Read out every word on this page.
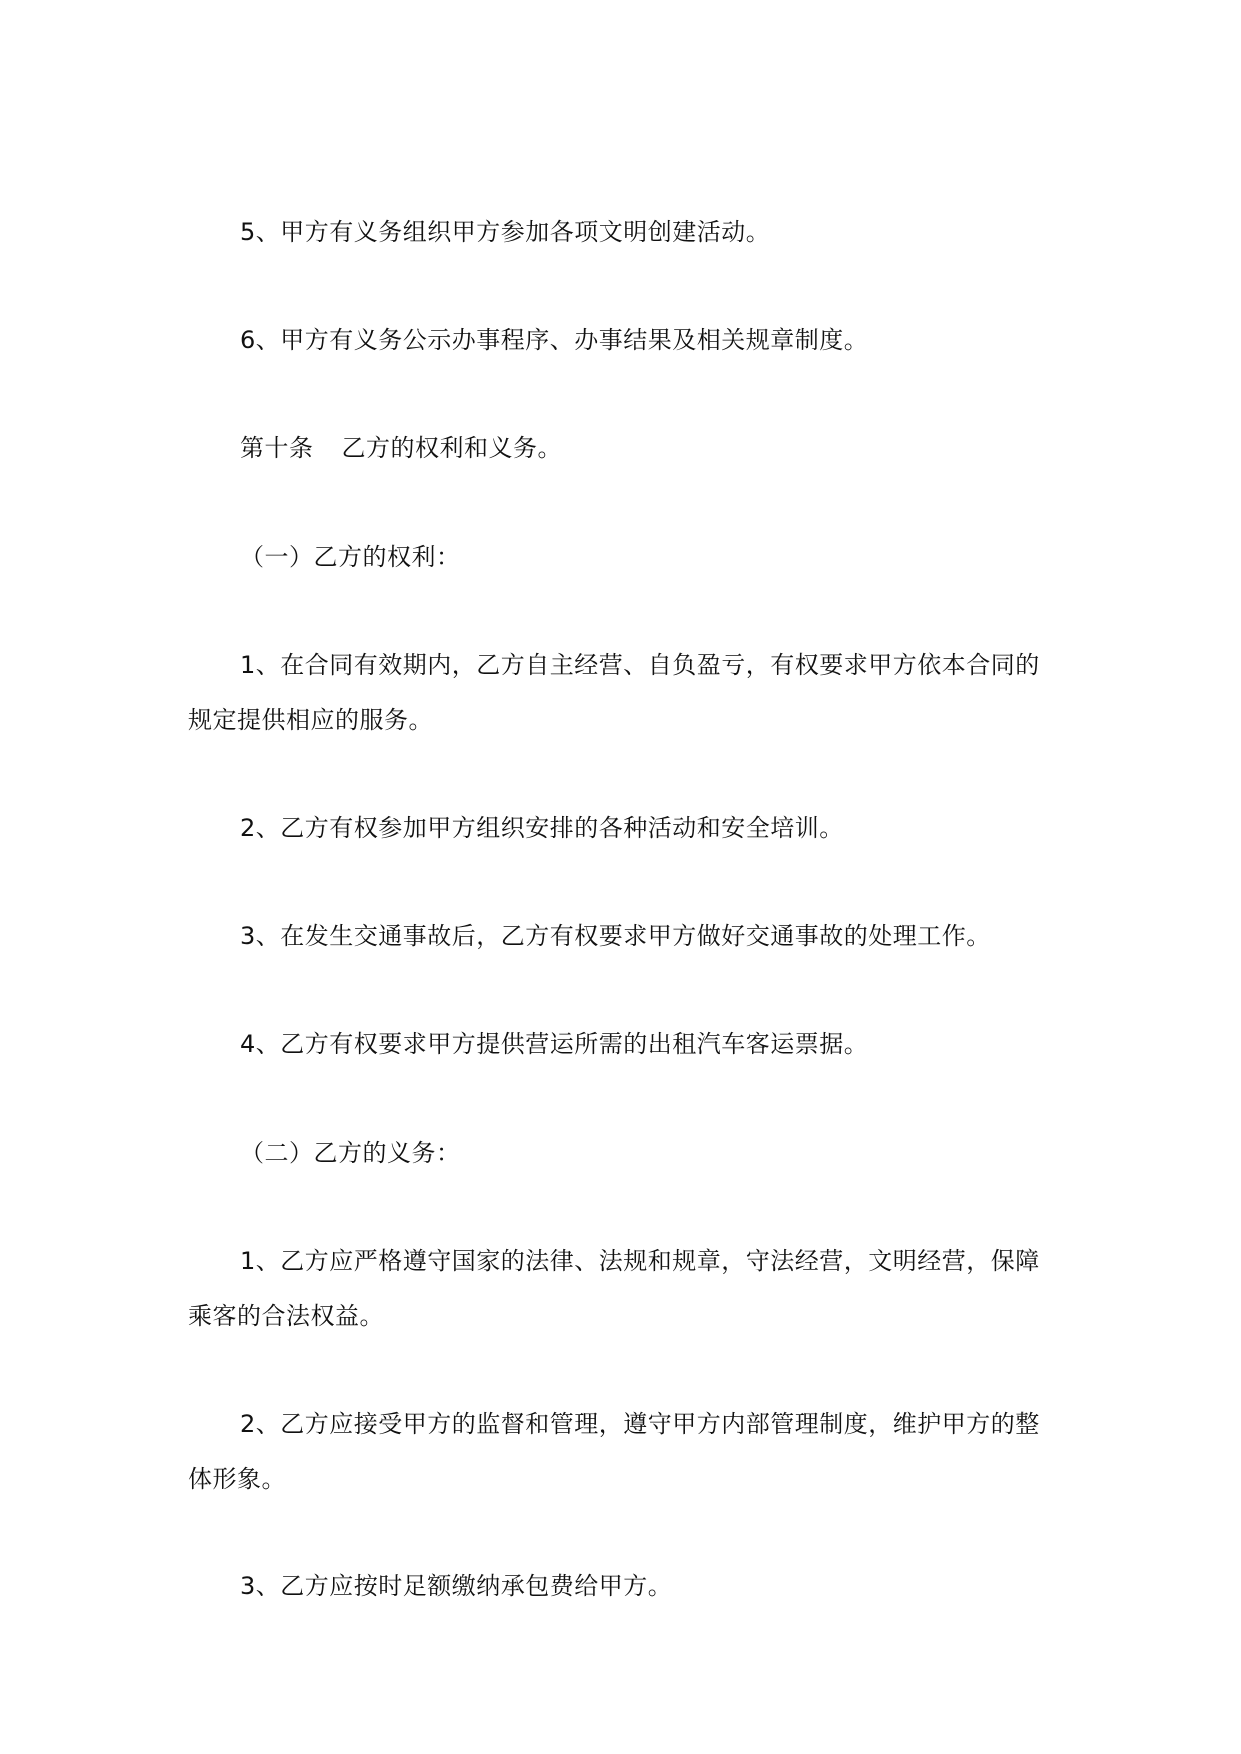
5、甲方有义务组织甲方参加各项文明创建活动。

6、甲方有义务公示办事程序、办事结果及相关规章制度。

第十条 乙方的权利和义务。

（一）乙方的权利：

1、在合同有效期内，乙方自主经营、自负盈亏，有权要求甲方依本合同的规定提供相应的服务。

2、乙方有权参加甲方组织安排的各种活动和安全培训。

3、在发生交通事故后，乙方有权要求甲方做好交通事故的处理工作。

4、乙方有权要求甲方提供营运所需的出租汽车客运票据。

（二）乙方的义务：

1、乙方应严格遵守国家的法律、法规和规章，守法经营，文明经营，保障乘客的合法权益。

2、乙方应接受甲方的监督和管理，遵守甲方内部管理制度，维护甲方的整体形象。

3、乙方应按时足额缴纳承包费给甲方。
